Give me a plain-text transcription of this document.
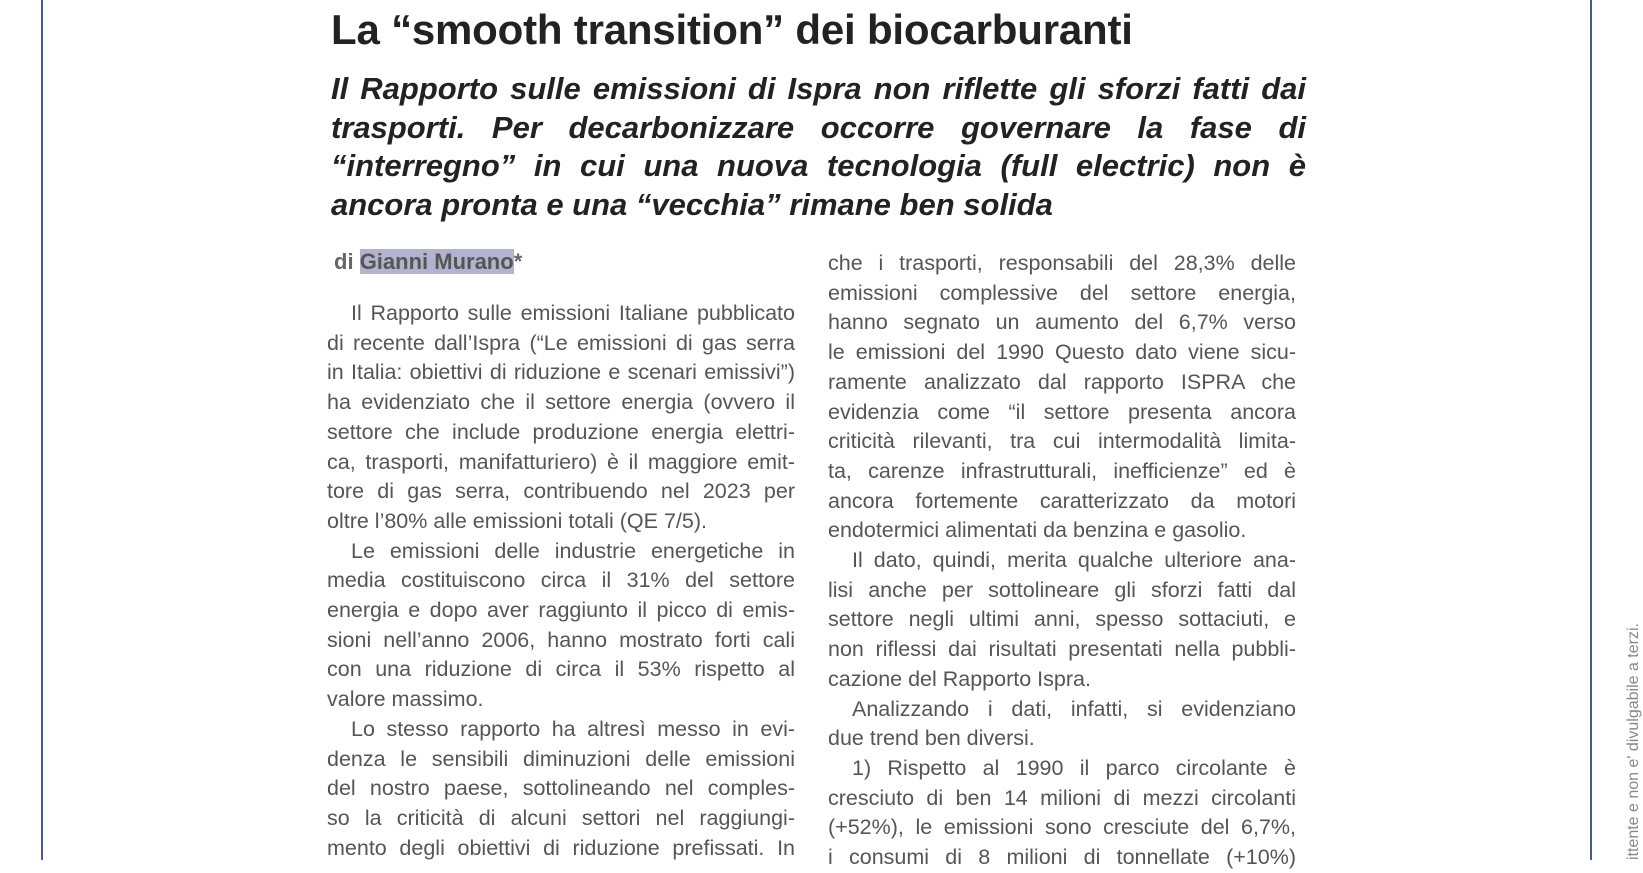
La “smooth transition” dei biocarburanti
Il Rapporto sulle emissioni di Ispra non riflette gli sforzi fatti dai trasporti. Per decarbonizzare occorre governare la fase di “interregno” in cui una nuova tecnologia (full electric) non è ancora pronta e una “vecchia” rimane ben solida
di Gianni Murano*

Il Rapporto sulle emissioni Italiane pubblicato

di recente dall’Ispra (“Le emissioni di gas serra

in Italia: obiettivi di riduzione e scenari emissivi”)

ha evidenziato che il settore energia (ovvero il

settore che include produzione energia elettri-

ca, trasporti, manifatturiero) è il maggiore emit-

tore di gas serra, contribuendo nel 2023 per

oltre l’80% alle emissioni totali (QE 7/5).

Le emissioni delle industrie energetiche in

media costituiscono circa il 31% del settore

energia e dopo aver raggiunto il picco di emis-

sioni nell’anno 2006, hanno mostrato forti cali

con una riduzione di circa il 53% rispetto al

valore massimo.

Lo stesso rapporto ha altresì messo in evi-

denza le sensibili diminuzioni delle emissioni

del nostro paese, sottolineando nel comples-

so la criticità di alcuni settori nel raggiungi-

mento degli obiettivi di riduzione prefissati. In

che i trasporti, responsabili del 28,3% delle

emissioni complessive del settore energia,

hanno segnato un aumento del 6,7% verso

le emissioni del 1990 Questo dato viene sicu-

ramente analizzato dal rapporto ISPRA che

evidenzia come “il settore presenta ancora

criticità rilevanti, tra cui intermodalità limita-

ta, carenze infrastrutturali, inefficienze” ed è

ancora fortemente caratterizzato da motori

endotermici alimentati da benzina e gasolio.

Il dato, quindi, merita qualche ulteriore ana-

lisi anche per sottolineare gli sforzi fatti dal

settore negli ultimi anni, spesso sottaciuti, e

non riflessi dai risultati presentati nella pubbli-

cazione del Rapporto Ispra.

Analizzando i dati, infatti, si evidenziano

due trend ben diversi.

1) Rispetto al 1990 il parco circolante è

cresciuto di ben 14 milioni di mezzi circolanti

(+52%), le emissioni sono cresciute del 6,7%,

i consumi di 8 milioni di tonnellate (+10%)	ittente e non e' divulgabile a terzi.
